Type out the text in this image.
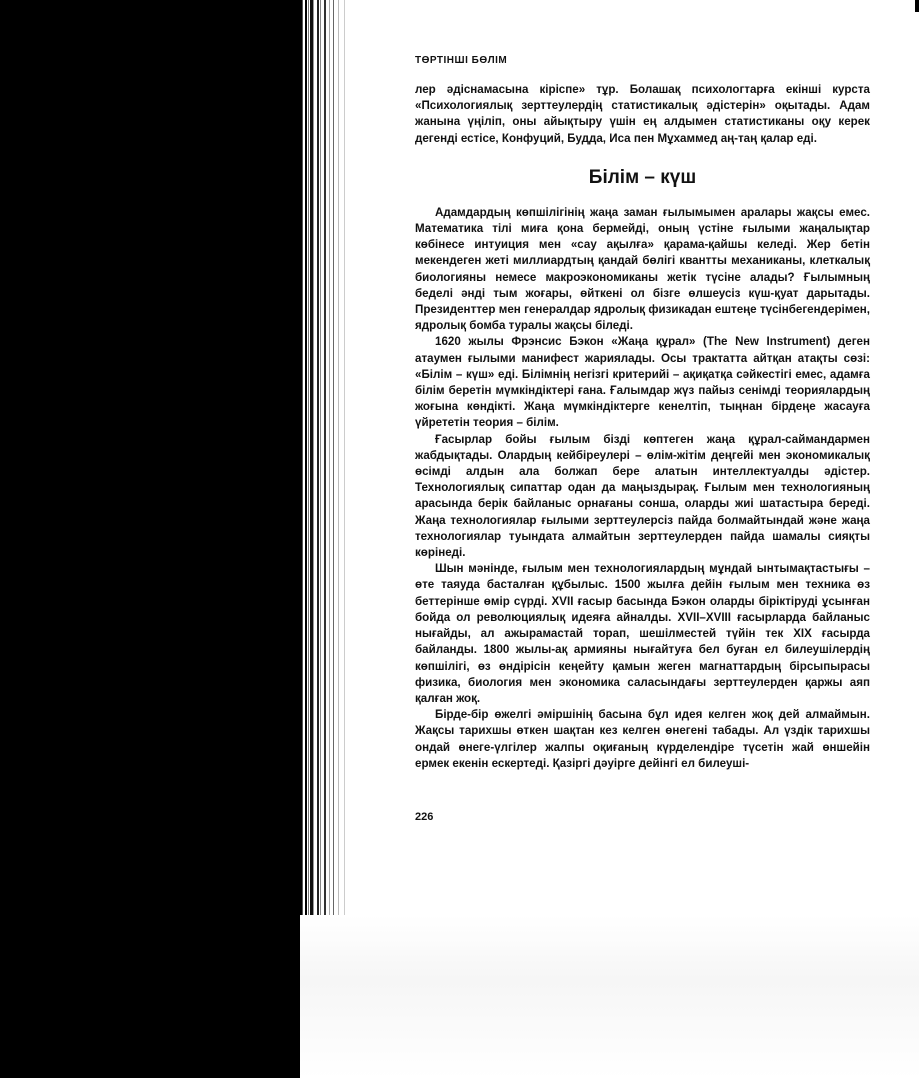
ТӨРТІНШІ БӨЛІМ

лер әдіснамасына кіріспе» тұр. Болашақ психологтарға екінші курста «Психологиялық зерттеулердің статистикалық әдістерін» оқытады. Адам жанына үңіліп, оны айықтыру үшін ең алдымен статистиканы оқу керек дегенді естісе, Конфуций, Будда, Иса пен Мұхаммед аң-таң қалар еді.

Білім – күш

Адамдардың көпшілігінің жаңа заман ғылымымен аралары жақсы емес. Математика тілі миға қона бермейді, оның үстіне ғылыми жаңалықтар көбінесе интуиция мен «сау ақылға» қарама-қайшы келеді. Жер бетін мекендеген жеті миллиардтың қандай бөлігі квантты механиканы, клеткалық биологияны немесе макроэкономиканы жетік түсіне алады? Ғылымның беделі әнді тым жоғары, өйткені ол бізге өлшеусіз күш-қуат дарытады. Президенттер мен генералдар ядролық физикадан ештеңе түсінбегендерімен, ядролық бомба туралы жақсы біледі.

1620 жылы Фрэнсис Бэкон «Жаңа құрал» (The New Instrument) деген атаумен ғылыми манифест жариялады. Осы трактатта айтқан атақты сөзі: «Білім – күш» еді. Білімнің негізгі критерийі – ақиқатқа сәйкестігі емес, адамға білім беретін мүмкіндіктері ғана. Ғалымдар жүз пайыз сенімді теориялардың жоғына көндікті. Жаңа мүмкіндіктерге кенелтіп, тыңнан бірдеңе жасауға үйрететін теория – білім.

Ғасырлар бойы ғылым бізді көптеген жаңа құрал-саймандармен жабдықтады. Олардың кейбіреулері – өлім-жітім деңгейі мен экономикалық өсімді алдын ала болжап бере алатын интеллектуалды әдістер. Технологиялық сипаттар одан да маңыздырақ. Ғылым мен технологияның арасында берік байланыс орнағаны сонша, оларды жиі шатастыра береді. Жаңа технологиялар ғылыми зерттеулерсіз пайда болмайтындай және жаңа технологиялар туындата алмайтын зерттеулерден пайда шамалы сияқты көрінеді.

Шын мәнінде, ғылым мен технологиялардың мұндай ынтымақтастығы – өте таяуда басталған құбылыс. 1500 жылға дейін ғылым мен техника өз беттерінше өмір сүрді. XVII ғасыр басында Бэкон оларды біріктіруді ұсынған бойда ол революциялық идеяға айналды. XVII–XVIII ғасырларда байланыс нығайды, ал ажырамастай торап, шешілместей түйін тек XIX ғасырда байланды. 1800 жылы-ақ армияны нығайтуға бел буған ел билеушілердің көпшілігі, өз өндірісін кеңейту қамын жеген магнаттардың бірсыпырасы физика, биология мен экономика саласындағы зерттеулерден қаржы аяп қалған жоқ.

Бірде-бір өжелгі әміршінің басына бұл идея келген жоқ дей алмаймын. Жақсы тарихшы өткен шақтан кез келген өнегені табады. Ал үздік тарихшы ондай өнеге-үлгілер жалпы оқиғаның күрделендіре түсетін жай өншейін ермек екенін ескертеді. Қазіргі дәуірге дейінгі ел билеуші-

226
